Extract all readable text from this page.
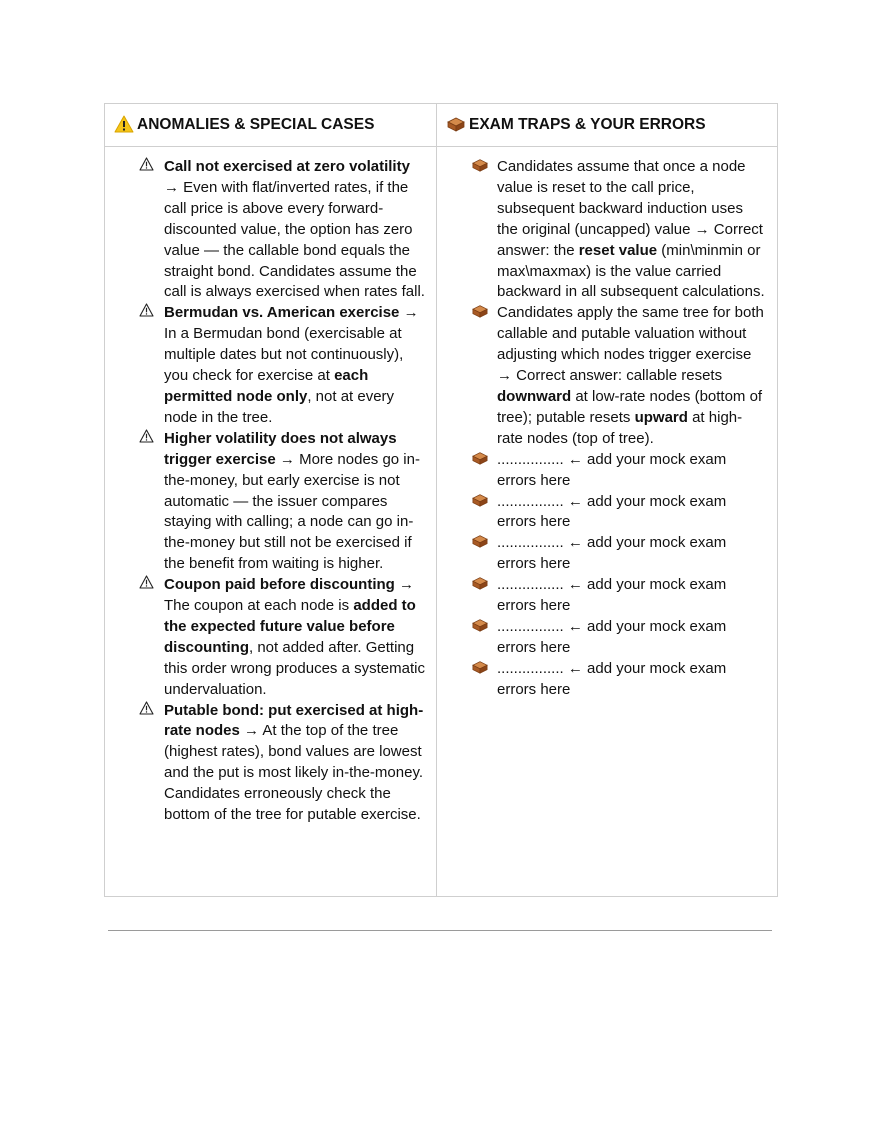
ANOMALIES & SPECIAL CASES	EXAM TRAPS & YOUR ERRORS
Call not exercised at zero volatility → Even with flat/inverted rates, if the call price is above every forward-discounted value, the option has zero value — the callable bond equals the straight bond. Candidates assume the call is always exercised when rates fall.
Bermudan vs. American exercise → In a Bermudan bond (exercisable at multiple dates but not continuously), you check for exercise at each permitted node only, not at every node in the tree.
Higher volatility does not always trigger exercise → More nodes go in-the-money, but early exercise is not automatic — the issuer compares staying with calling; a node can go in-the-money but still not be exercised if the benefit from waiting is higher.
Coupon paid before discounting → The coupon at each node is added to the expected future value before discounting, not added after. Getting this order wrong produces a systematic undervaluation.
Putable bond: put exercised at high-rate nodes → At the top of the tree (highest rates), bond values are lowest and the put is most likely in-the-money. Candidates erroneously check the bottom of the tree for putable exercise.
Candidates assume that once a node value is reset to the call price, subsequent backward induction uses the original (uncapped) value → Correct answer: the reset value (min\minmin or max\maxmax) is the value carried backward in all subsequent calculations.
Candidates apply the same tree for both callable and putable valuation without adjusting which nodes trigger exercise → Correct answer: callable resets downward at low-rate nodes (bottom of tree); putable resets upward at high-rate nodes (top of tree).
................ ← add your mock exam errors here
................ ← add your mock exam errors here
................ ← add your mock exam errors here
................ ← add your mock exam errors here
................ ← add your mock exam errors here
................ ← add your mock exam errors here
